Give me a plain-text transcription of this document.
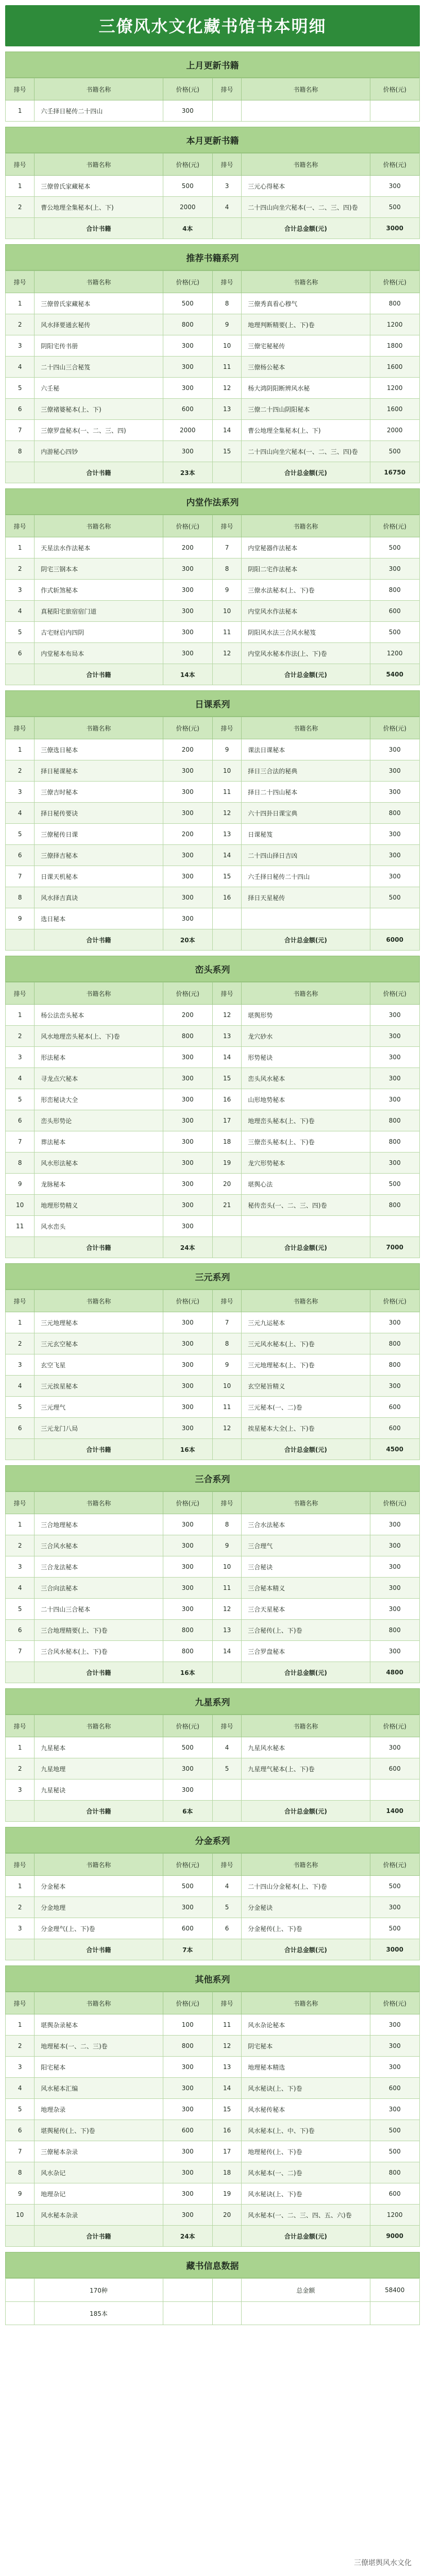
三僚风水文化藏书馆书本明细
上月更新书籍
排号	书籍名称	价格(元)	排号	书籍名称	价格(元)
1	六壬择日秘传二十四山	300			
本月更新书籍
排号	书籍名称	价格(元)	排号	书籍名称	价格(元)
1	三僚曾氏家藏秘本	500	3	三元心得秘本	300
2	曹公地理全集秘本(上、下)	2000	4	二十四山向坐穴秘本(一、二、三、四)卷	500
	合计书籍	4本		合计总金额(元)	3000
推荐书籍系列
排号	书籍名称	价格(元)	排号	书籍名称	价格(元)
1	三僚曾氏家藏秘本	500	8	三僚秀真看心穆气	800
2	风水择要通玄秘传	800	9	地理判断精要(上、下)卷	1200
3	阴阳宅传书册	300	10	三僚宅秘秘传	1800
4	二十四山三合秘笈	300	11	三僚杨公秘本	1600
5	六壬秘	300	12	杨大鸿阴阳断辨风水秘	1200
6	三僚褚婆秘本(上、下)	600	13	三僚二十四山阴阳秘本	1600
7	三僚罗盘秘本(一、二、三、四)	2000	14	曹公地理全集秘本(上、下)	2000
8	内游秘心四钞	300	15	二十四山向坐穴秘本(一、二、三、四)卷	500
	合计书籍	23本		合计总金额(元)	16750
内堂作法系列
排号	书籍名称	价格(元)	排号	书籍名称	价格(元)
1	天星法水作法秘本	200	7	内堂秘器作法秘本	500
2	阴宅三钢本本	300	8	阴阳二宅作法秘本	300
3	作式斩煞秘本	300	9	三僚水法秘本(上、下)卷	800
4	真秘阳宅旅宿宿门道	300	10	内堂风水作法秘本	600
5	古宅财启内四阴	300	11	阴阳风水法三合风水秘笈	500
6	内堂秘本布局本	300	12	内堂风水秘本作法(上、下)卷	1200
	合计书籍	14本		合计总金额(元)	5400
日课系列
排号	书籍名称	价格(元)	排号	书籍名称	价格(元)
1	三僚选日秘本	200	9	课法日课秘本	300
2	择日秘课秘本	300	10	择日三合法的秘典	300
3	三僚吉时秘本	300	11	择日二十四山秘本	300
4	择日秘传要诀	300	12	六十四卦日课宝典	800
5	三僚秘传日课	200	13	日课秘笈	300
6	三僚择吉秘本	300	14	二十四山择日吉凶	300
7	日课天机秘本	300	15	六壬择日秘传二十四山	300
8	风水择吉真诀	300	16	择日天星秘传	500
9	选日秘本	300			
	合计书籍	20本		合计总金额(元)	6000
峦头系列
排号	书籍名称	价格(元)	排号	书籍名称	价格(元)
1	杨公法峦头秘本	200	12	堪舆形势	300
2	风水地理峦头秘本(上、下)卷	800	13	龙穴砂水	300
3	形法秘本	300	14	形势秘诀	300
4	寻龙点穴秘本	300	15	峦头风水秘本	300
5	形峦秘诀大全	300	16	山形地势秘本	300
6	峦头形势论	300	17	地理峦头秘本(上、下)卷	800
7	葬法秘本	300	18	三僚峦头秘本(上、下)卷	800
8	风水形法秘本	300	19	龙穴形势秘本	300
9	龙脉秘本	300	20	堪舆心法	500
10	地理形势精义	300	21	秘传峦头(一、二、三、四)卷	800
11	风水峦头	300			
	合计书籍	24本		合计总金额(元)	7000
三元系列
排号	书籍名称	价格(元)	排号	书籍名称	价格(元)
1	三元地理秘本	300	7	三元九运秘本	300
2	三元玄空秘本	300	8	三元风水秘本(上、下)卷	800
3	玄空飞星	300	9	三元地理秘本(上、下)卷	800
4	三元挨星秘本	300	10	玄空秘旨精义	300
5	三元理气	300	11	三元秘本(一、二)卷	600
6	三元龙门八局	300	12	挨星秘本大全(上、下)卷	600
	合计书籍	16本		合计总金额(元)	4500
三合系列
排号	书籍名称	价格(元)	排号	书籍名称	价格(元)
1	三合地理秘本	300	8	三合水法秘本	300
2	三合风水秘本	300	9	三合理气	300
3	三合龙法秘本	300	10	三合秘诀	300
4	三合向法秘本	300	11	三合秘本精义	300
5	二十四山三合秘本	300	12	三合天星秘本	300
6	三合地理精要(上、下)卷	800	13	三合秘传(上、下)卷	800
7	三合风水秘本(上、下)卷	800	14	三合罗盘秘本	300
	合计书籍	16本		合计总金额(元)	4800
九星系列
排号	书籍名称	价格(元)	排号	书籍名称	价格(元)
1	九星秘本	500	4	九星风水秘本	300
2	九星地理	300	5	九星理气秘本(上、下)卷	600
3	九星秘诀	300			
	合计书籍	6本		合计总金额(元)	1400
分金系列
排号	书籍名称	价格(元)	排号	书籍名称	价格(元)
1	分金秘本	500	4	二十四山分金秘本(上、下)卷	500
2	分金地理	300	5	分金秘诀	300
3	分金理气(上、下)卷	600	6	分金秘传(上、下)卷	500
	合计书籍	7本		合计总金额(元)	3000
其他系列
排号	书籍名称	价格(元)	排号	书籍名称	价格(元)
1	堪舆杂录秘本	100	11	风水杂论秘本	300
2	地理秘本(一、二、三)卷	800	12	阴宅秘本	300
3	阳宅秘本	300	13	地理秘本精选	300
4	风水秘本汇编	300	14	风水秘诀(上、下)卷	600
5	地理杂录	300	15	风水秘传秘本	300
6	堪舆秘传(上、下)卷	600	16	风水秘本(上、中、下)卷	500
7	三僚秘本杂录	300	17	地理秘传(上、下)卷	500
8	风水杂记	300	18	风水秘本(一、二)卷	800
9	地理杂记	300	19	风水秘诀(上、下)卷	600
10	风水秘本杂录	300	20	风水秘本(一、二、三、四、五、六)卷	1200
	合计书籍	24本		合计总金额(元)	9000
藏书信息数据
	170种			总金额	58400
	185本				
三僚堪舆风水文化
